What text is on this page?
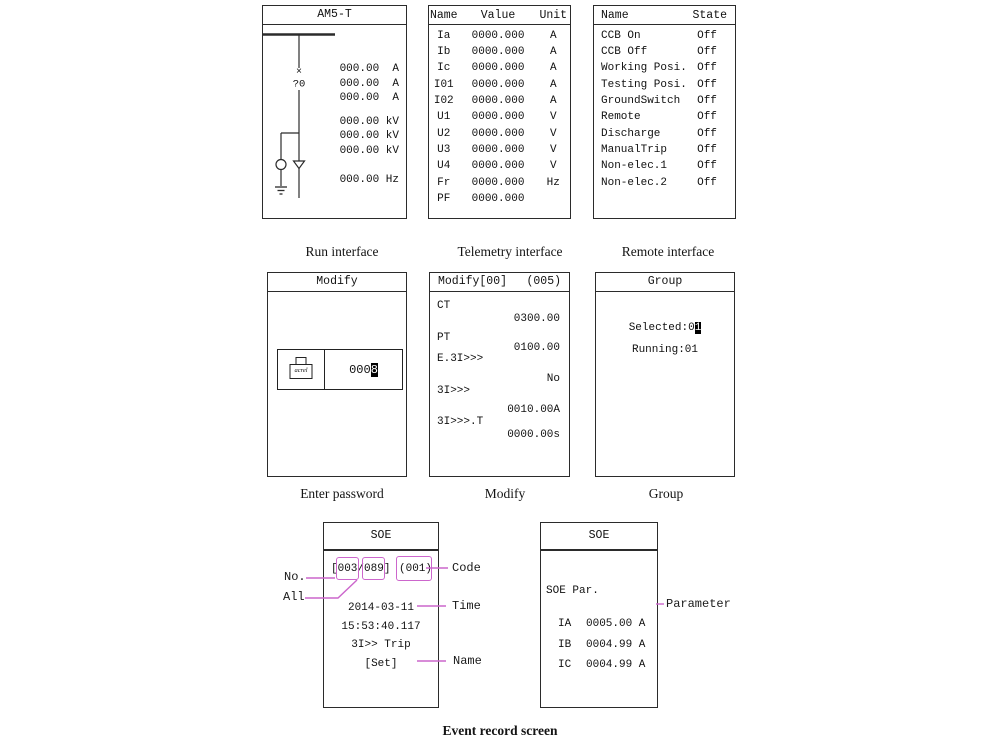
AM5-T
×
?0
000.00  A
000.00  A
000.00  A
000.00 kV
000.00 kV
000.00 kV
000.00 Hz
Name	Value	Unit
Ia	0000.000	A
Ib	0000.000	A
Ic	0000.000	A
I01	0000.000	A
I02	0000.000	A
U1	0000.000	V
U2	0000.000	V
U3	0000.000	V
U4	0000.000	V
Fr	0000.000	Hz
PF	0000.000
Name	State
CCB On	Off
CCB Off	Off
Working Posi. Off
Testing Posi. Off
GroundSwitch	Off
Remote	Off
Discharge	Off
ManualTrip	Off
Non-elec.1	Off
Non-elec.2	Off
Modify
acrel	000 8
Modify[00] (005)
CT
0300.00
PT
0100.00
E.3I>>>
No
3I>>>
0010.00A
3I>>>.T
0000.00s
Group
Selected:01
Running:01
SOE
[003/089] (001)
2014-03-11
15:53:40.117
3I>> Trip
[Set]
SOE
SOE Par.
IA 0005.00 A
IB 0004.99 A
IC 0004.99 A
No.
All
Code
Time
Name
Parameter
Run interface	Telemetry interface	Remote interface
Enter password	Modify	Group
Event record screen
